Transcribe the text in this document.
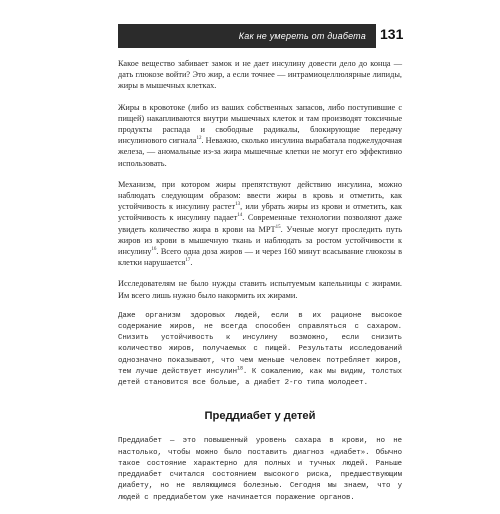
Как не умереть от диабета 131

Какое вещество забивает замок и не дает инсулину довести дело до конца — дать глюкозе войти? Это жир, а если точнее — интрамиоцеллюлярные липиды, жиры в мышечных клетках.

Жиры в кровотоке (либо из ваших собственных запасов, либо поступившие с пищей) накапливаются внутри мышечных клеток и там производят токсичные продукты распада и свободные радикалы, блокирующие передачу инсулинового сигнала$^{12}$. Неважно, сколько инсулина вырабатала поджелудочная железа, — аномальные из-за жира мышечные клетки не могут его эффективно использовать.

Механизм, при котором жиры препятствуют действию инсулина, можно наблюдать следующим образом: ввести жиры в кровь и отметить, как устойчивость к инсулину растет$^{13}$, или убрать жиры из крови и отметить, как устойчивость к инсулину падает$^{14}$. Современные технологии позволяют даже увидеть количество жира в крови на МРТ$^{15}$. Ученые могут проследить путь жиров из крови в мышечную ткань и наблюдать за ростом устойчивости к инсулину$^{16}$. Всего одна доза жиров — и через 160 минут всасывание глюкозы в клетки нарушается$^{17}$.

Исследователям не было нужды ставить испытуемым капельницы с жирами. Им всего лишь нужно было накормить их жирами.

Даже организм здоровых людей, если в их рационе высокое содержание жиров, не всегда способен справляться с сахаром. Снизить устойчивость к инсулину возможно, если снизить количество жиров, получаемых с пищей. Результаты исследований однозначно показывают, что чем меньше человек потребляет жиров, тем лучше действует инсулин$^{18}$. К сожалению, как мы видим, толстых детей становится все больше, а диабет 2-го типа молодеет.

Преддиабет у детей

Преддиабет — это повышенный уровень сахара в крови, но не настолько, чтобы можно было поставить диагноз «диабет». Обычно такое состояние характерно для полных и тучных людей. Раньше преддиабет считался состоянием высокого риска, предшествующим диабету, но не являющимся болезнью. Сегодня мы знаем, что у людей с преддиабетом уже начинается поражение органов.
